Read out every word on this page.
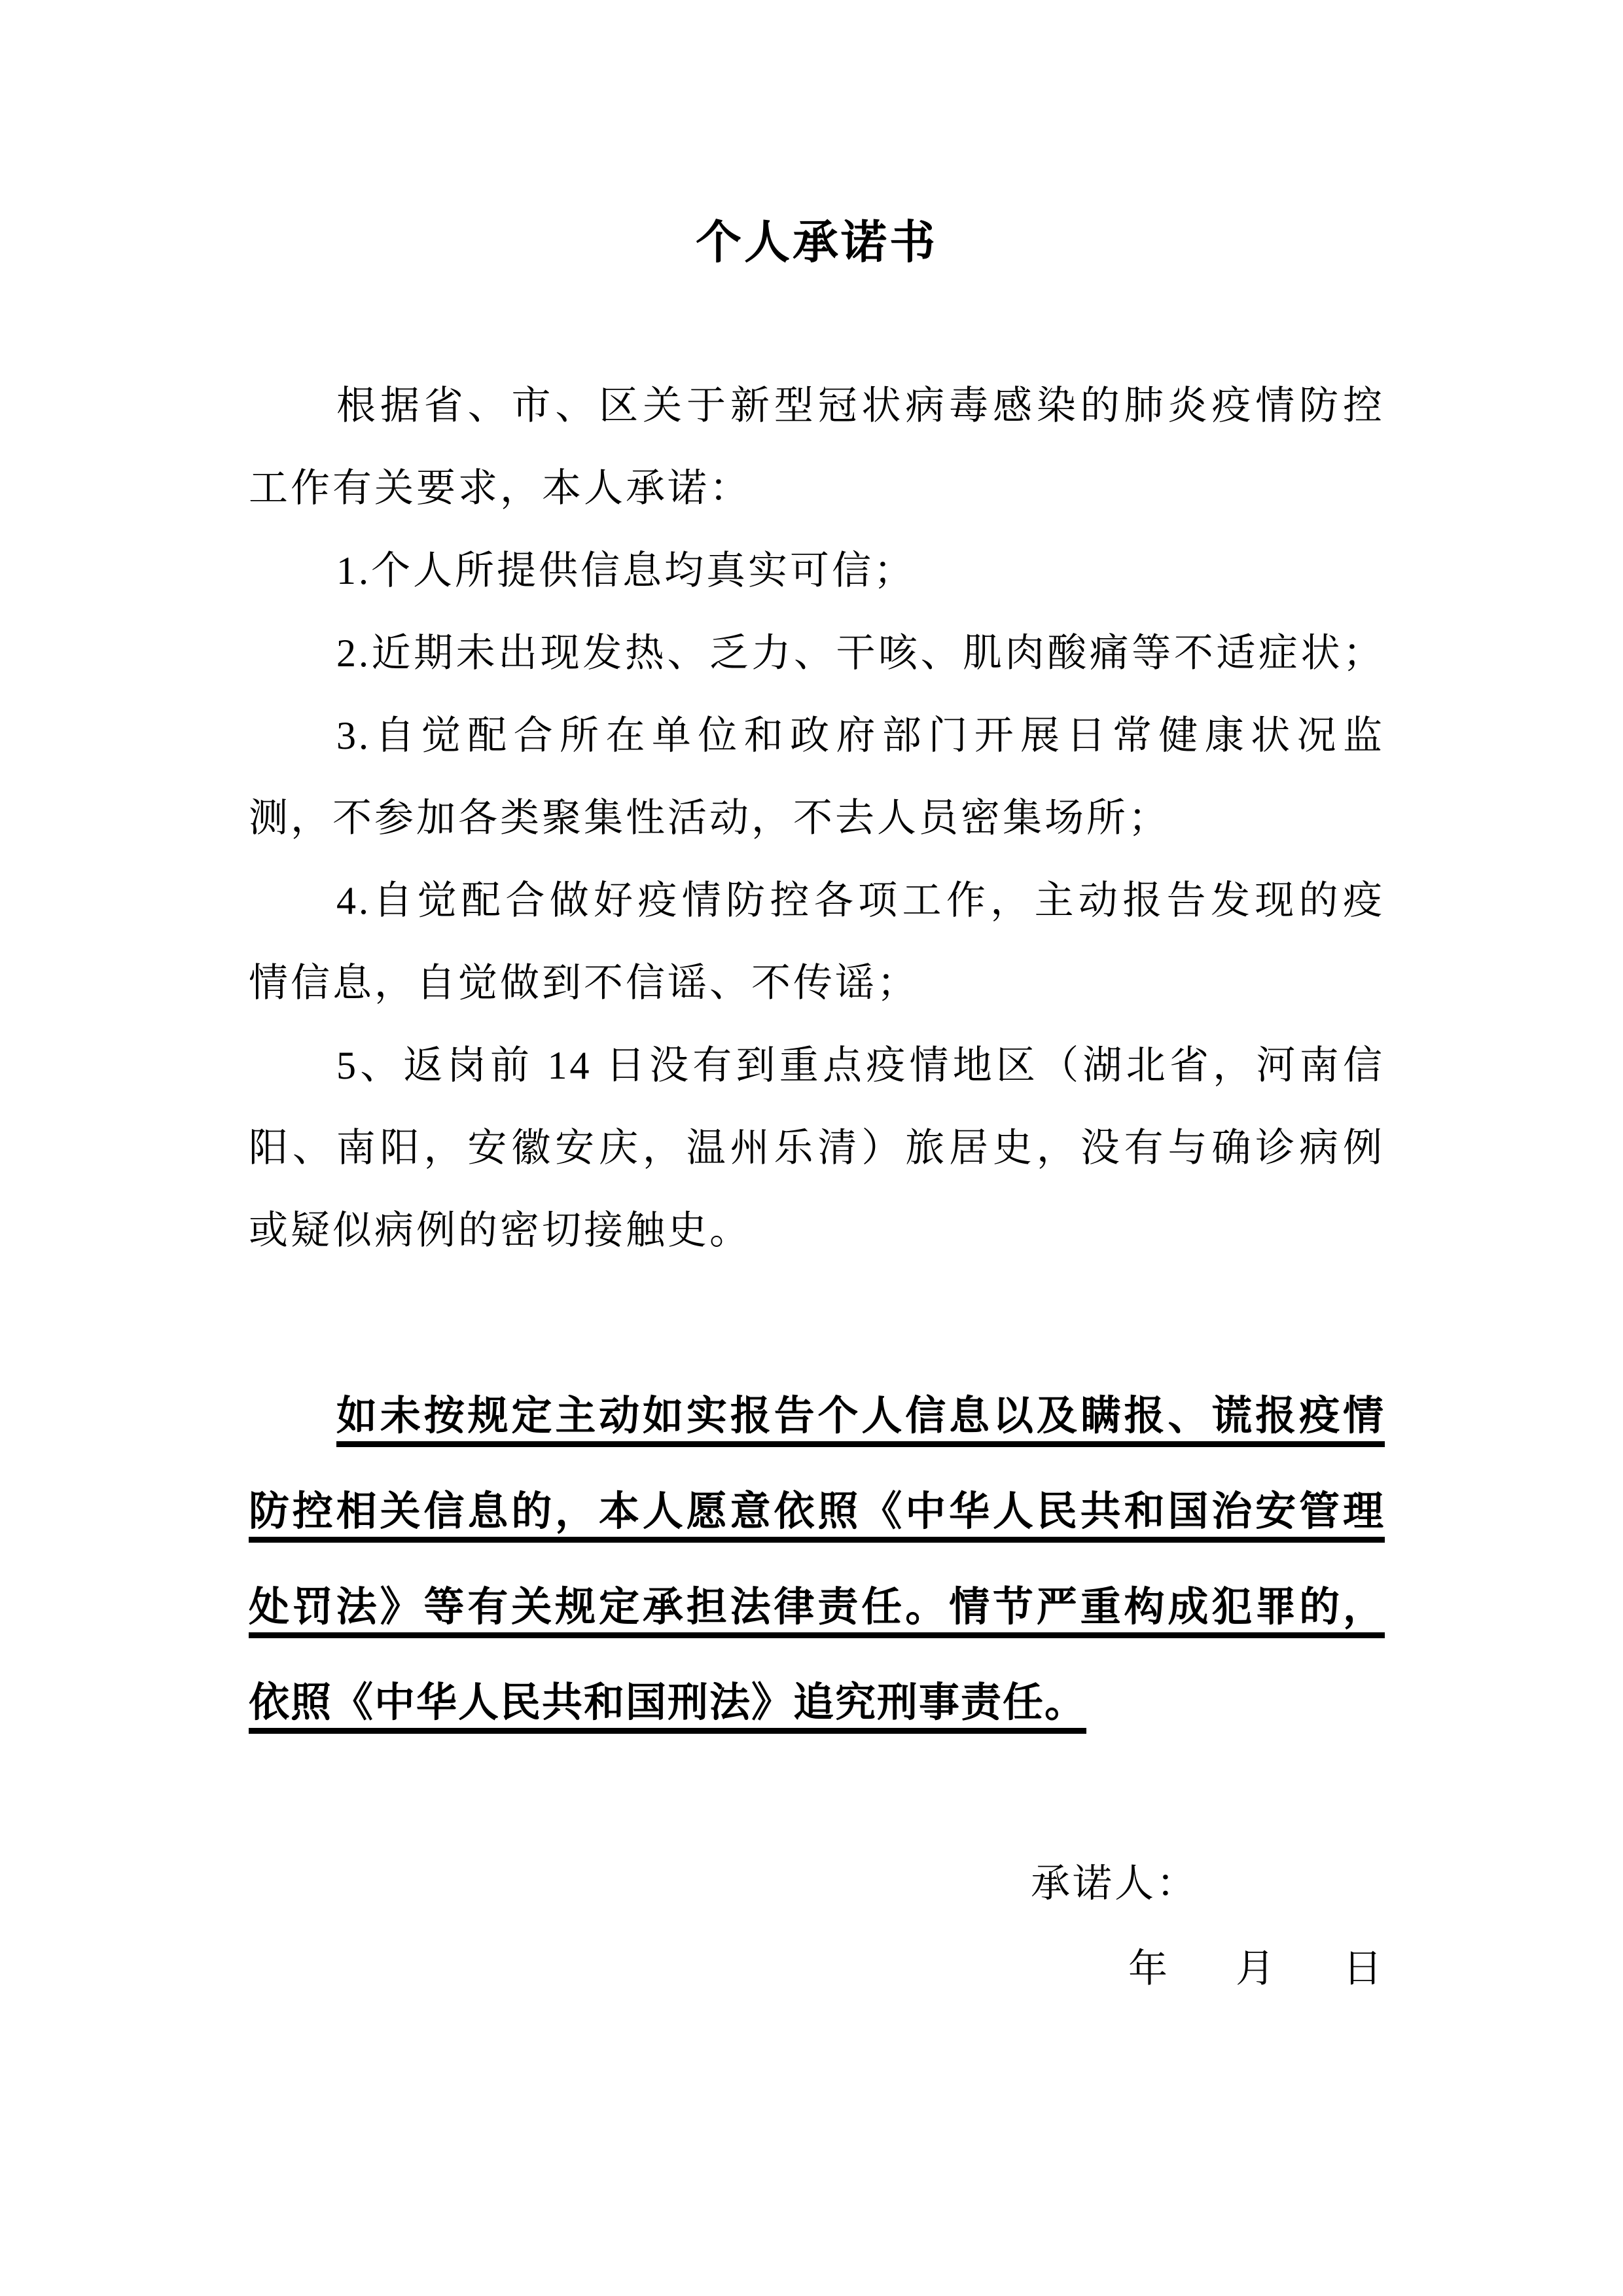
个人承诺书
根据省、市、区关于新型冠状病毒感染的肺炎疫情防控
工作有关要求，本人承诺：
1.个人所提供信息均真实可信；
2.近期未出现发热、乏力、干咳、肌肉酸痛等不适症状；
3.自觉配合所在单位和政府部门开展日常健康状况监
测，不参加各类聚集性活动，不去人员密集场所；
4.自觉配合做好疫情防控各项工作，主动报告发现的疫
情信息，自觉做到不信谣、不传谣；
5、返岗前 14 日没有到重点疫情地区（湖北省，河南信
阳、南阳，安徽安庆，温州乐清）旅居史，没有与确诊病例
或疑似病例的密切接触史。
如未按规定主动如实报告个人信息以及瞒报、谎报疫情
防控相关信息的，本人愿意依照《中华人民共和国治安管理
处罚法》等有关规定承担法律责任。情节严重构成犯罪的，
依照《中华人民共和国刑法》追究刑事责任。
承诺人：
年 月 日
